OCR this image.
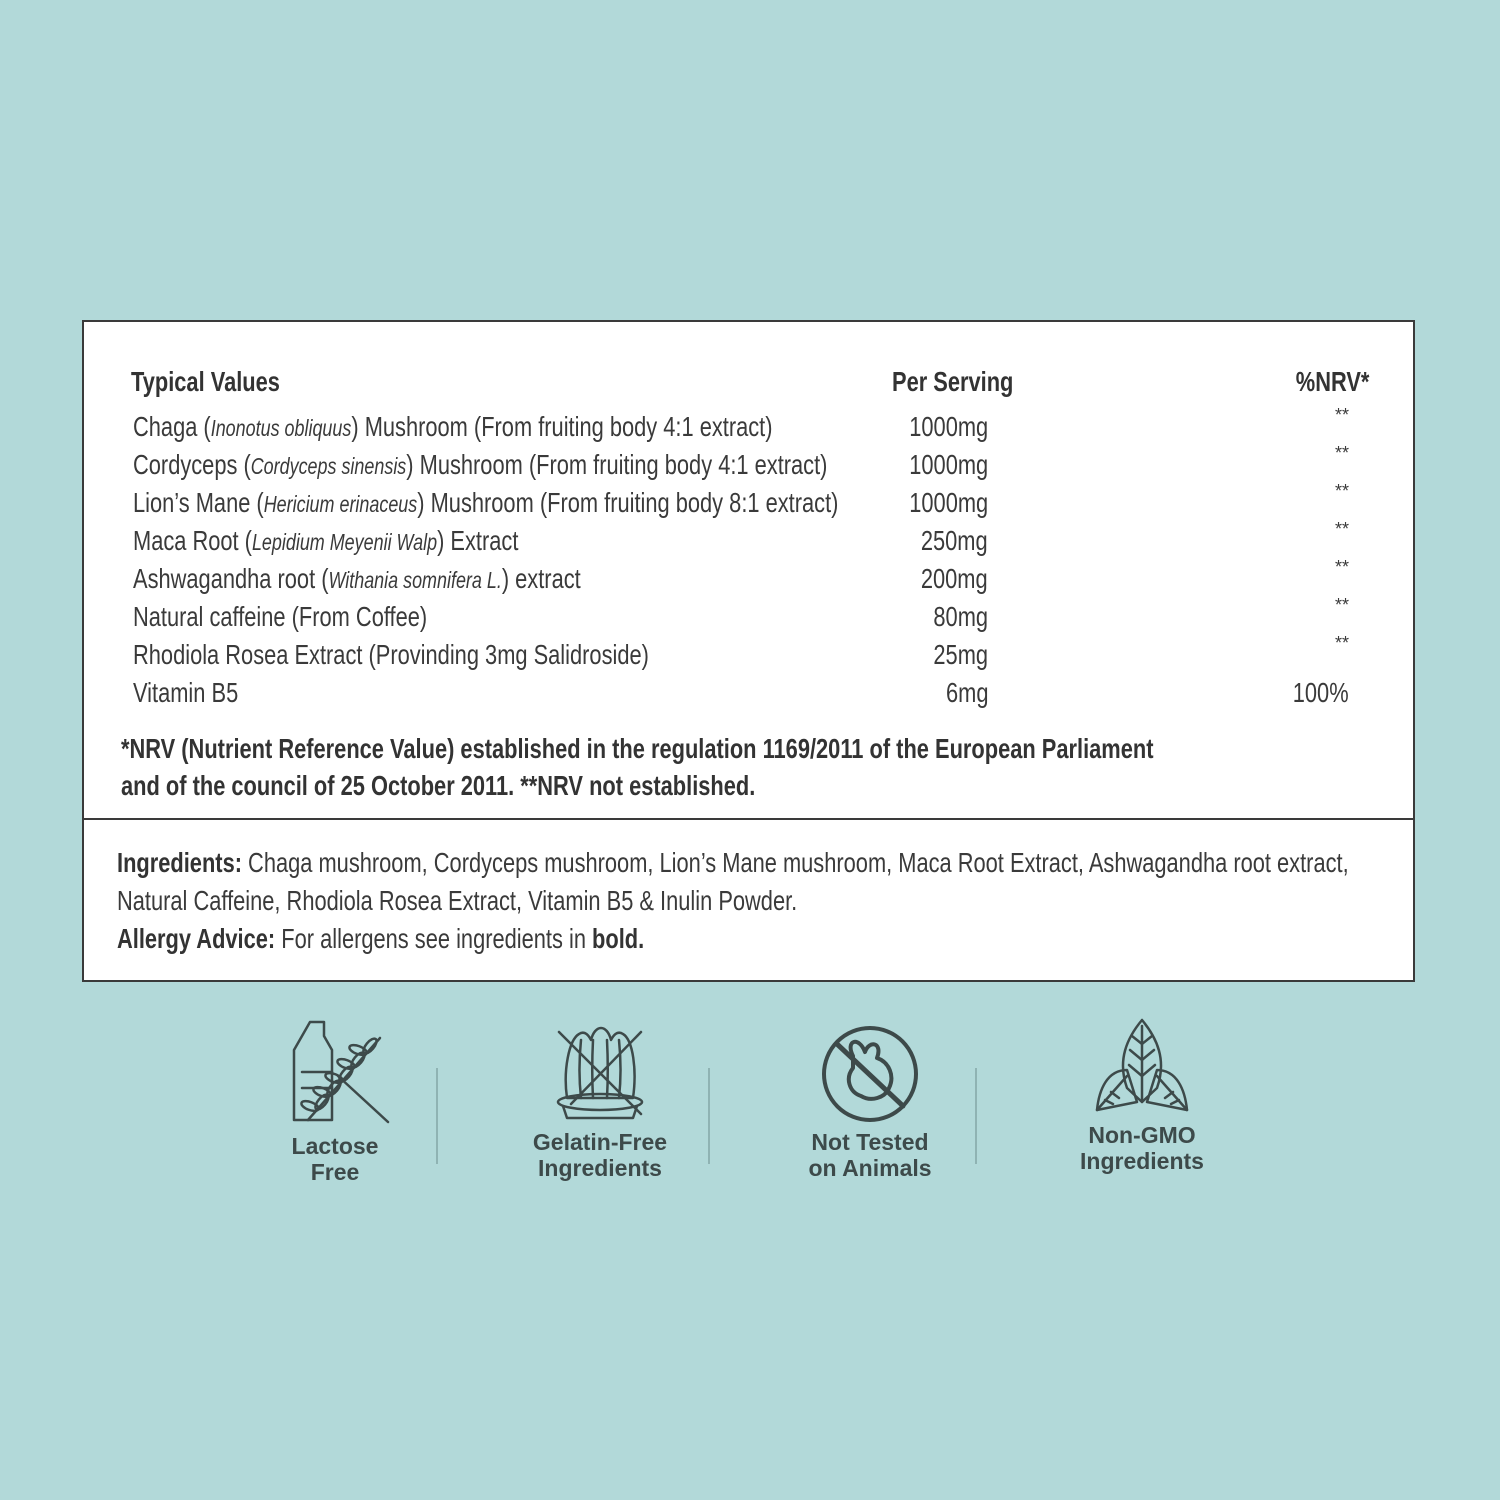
Typical Values	Per Serving	%NRV*
Chaga (Inonotus obliquus) Mushroom (From fruiting body 4:1 extract)	1000mg	**
Cordyceps (Cordyceps sinensis) Mushroom (From fruiting body 4:1 extract)	1000mg	**
Lion’s Mane (Hericium erinaceus) Mushroom (From fruiting body 8:1 extract)	1000mg	**
Maca Root (Lepidium Meyenii Walp) Extract	250mg	**
Ashwagandha root (Withania somnifera L.) extract	200mg	**
Natural caffeine (From Coffee)	80mg	**
Rhodiola Rosea Extract (Provinding 3mg Salidroside)	25mg	**
Vitamin B5	6mg	100%
*NRV (Nutrient Reference Value) established in the regulation 1169/2011 of the European Parliament and of the council of 25 October 2011. **NRV not established.
Ingredients: Chaga mushroom, Cordyceps mushroom, Lion’s Mane mushroom, Maca Root Extract, Ashwagandha root extract, Natural Caffeine, Rhodiola Rosea Extract, Vitamin B5 & Inulin Powder.
Allergy Advice: For allergens see ingredients in bold.
Lactose
Free
Gelatin-Free
Ingredients
Not Tested
on Animals
Non-GMO
Ingredients
